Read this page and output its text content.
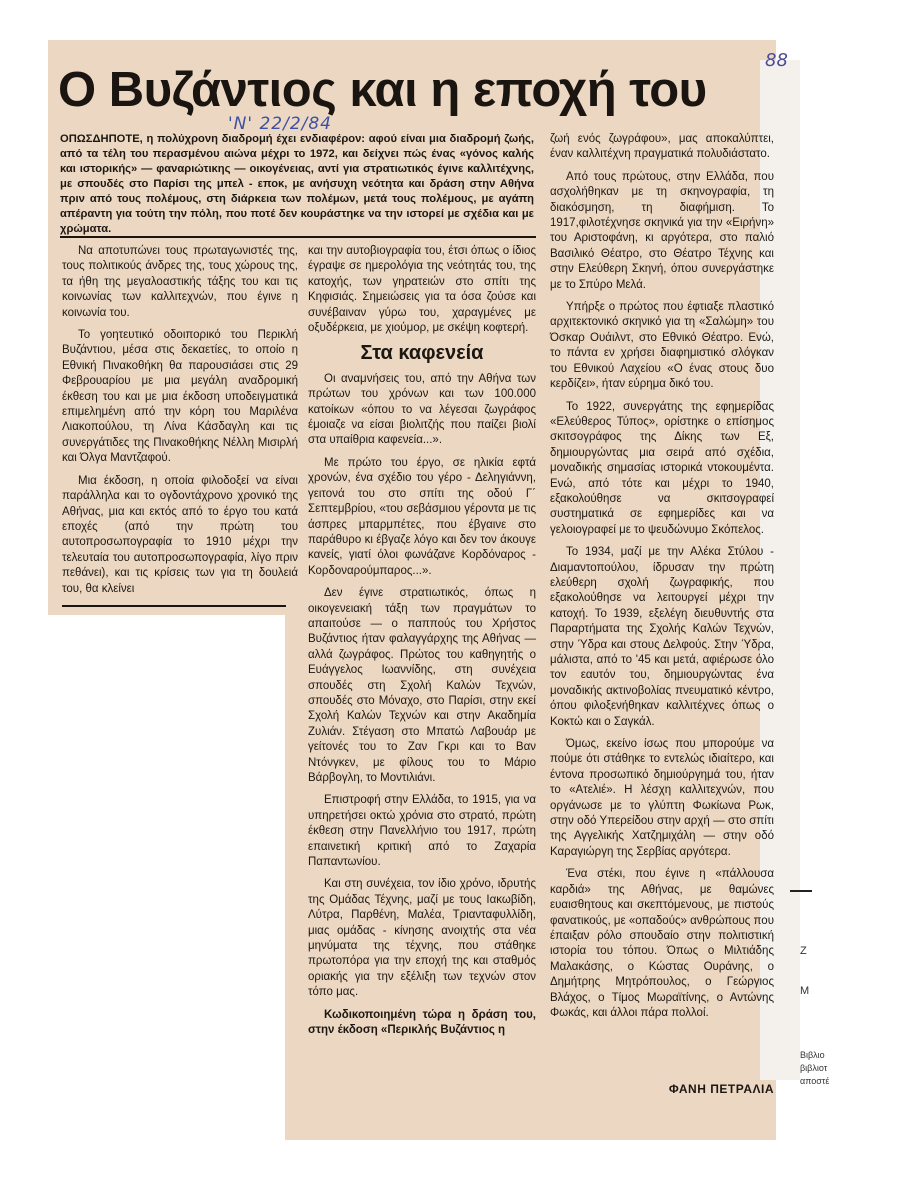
Ζ
Μ
Βιβλιο
βιβλιοτ
αποστέ
Ο Βυζάντιος και η εποχή του
88
'Ν' 22/2/84
ΟΠΩΣΔΗΠΟΤΕ, η πολύχρονη διαδρομή έχει ενδιαφέρον: αφού είναι μια διαδρομή ζωής, από τα τέλη του περασμένου αιώνα μέχρι το 1972, και δείχνει πώς ένας «γόνος καλής και ιστορικής» — φαναριώτικης — οικογένειας, αντί για στρατιωτικός έγινε καλλιτέχνης, με σπουδές στο Παρίσι της μπελ - εποκ, με ανήσυχη νεότητα και δράση στην Αθήνα πριν από τους πολέμους, στη διάρκεια των πολέμων, μετά τους πολέμους, με αγάπη απέραντη για τούτη την πόλη, που ποτέ δεν κουράστηκε να την ιστορεί με σχέδια και με χρώματα.

Να αποτυπώνει τους πρωταγωνιστές της, τους πολιτικούς άνδρες της, τους χώρους της, τα ήθη της μεγαλοαστικής τάξης του και τις κοινωνίας των καλλιτεχνών, που έγινε η κοινωνία του.

Το γοητευτικό οδοιπορικό του Περικλή Βυζάντιου, μέσα στις δεκαετίες, το οποίο η Εθνική Πινακοθήκη θα παρουσιάσει στις 29 Φεβρουαρίου με μια μεγάλη αναδρομική έκθεση του και με μια έκδοση υποδειγματικά επιμελημένη από την κόρη του Μαριλένα Λιακοπούλου, τη Λίνα Κάσδαγλη και τις συνεργάτιδες της Πινακοθήκης Νέλλη Μισιρλή και Όλγα Μαντζαφού.

Μια έκδοση, η οποία φιλοδοξεί να είναι παράλληλα και το ογδοντάχρονο χρονικό της Αθήνας, μια και εκτός από το έργο του κατά εποχές (από την πρώτη του αυτοπροσωπογραφία το 1910 μέχρι την τελευταία του αυτοπροσωπογραφία, λίγο πριν πεθάνει), και τις κρίσεις των για τη δουλειά του, θα κλείνει

και την αυτοβιογραφία του, έτσι όπως ο ίδιος έγραψε σε ημερολόγια της νεότητάς του, της κατοχής, των γηρατειών στο σπίτι της Κηφισιάς. Σημειώσεις για τα όσα ζούσε και συνέβαιναν γύρω του, χαραγμένες με οξυδέρκεια, με χιούμορ, με σκέψη κοφτερή.

Στα καφενεία

Οι αναμνήσεις του, από την Αθήνα των πρώτων του χρόνων και των 100.000 κατοίκων «όπου το να λέγεσαι ζωγράφος έμοιαζε να είσαι βιολιτζής που παίζει βιολί στα υπαίθρια καφενεία...».

Με πρώτο του έργο, σε ηλικία εφτά χρονών, ένα σχέδιο του γέρο - Δεληγιάννη, γειτονά του στο σπίτι της οδού Γ΄ Σεπτεμβρίου, «του σεβάσμιου γέροντα με τις άσπρες μπαρμπέτες, που έβγαινε στο παράθυρο κι έβγαζε λόγο και δεν τον άκουγε κανείς, γιατί όλοι φωνάζανε Κορδόναρος - Κορδοναρούμπαρος...».

Δεν έγινε στρατιωτικός, όπως η οικογενειακή τάξη των πραγμάτων το απαιτούσε — ο παππούς του Χρήστος Βυζάντιος ήταν φαλαγγάρχης της Αθήνας — αλλά ζωγράφος. Πρώτος του καθηγητής ο Ευάγγελος Ιωαννίδης, στη συνέχεια σπουδές στη Σχολή Καλών Τεχνών, σπουδές στο Μόναχο, στο Παρίσι, στην εκεί Σχολή Καλών Τεχνών και στην Ακαδημία Ζυλιάν. Στέγαση στο Μπατώ Λαβουάρ με γείτονές του το Ζαν Γκρι και το Βαν Ντόνγκεν, με φίλους του το Μάριο Βάρβογλη, το Μοντιλιάνι.

Επιστροφή στην Ελλάδα, το 1915, για να υπηρετήσει οκτώ χρόνια στο στρατό, πρώτη έκθεση στην Πανελλήνιο του 1917, πρώτη επαινετική κριτική από το Ζαχαρία Παπαντωνίου.

Και στη συνέχεια, τον ίδιο χρόνο, ιδρυτής της Ομάδας Τέχνης, μαζί με τους Ιακωβίδη, Λύτρα, Παρθένη, Μαλέα, Τριανταφυλλίδη, μιας ομάδας - κίνησης ανοιχτής στα νέα μηνύματα της τέχνης, που στάθηκε πρωτοπόρα για την εποχή της και σταθμός οριακής για την εξέλιξη των τεχνών στον τόπο μας.

Κωδικοποιημένη τώρα η δράση του, στην έκδοση «Περικλής Βυζάντιος η

ζωή ενός ζωγράφου», μας αποκαλύπτει, έναν καλλιτέχνη πραγματικά πολυδιάστατο.

Από τους πρώτους, στην Ελλάδα, που ασχολήθηκαν με τη σκηνογραφία, τη διακόσμηση, τη διαφήμιση. Το 1917,φιλοτέχνησε σκηνικά για την «Ειρήνη» του Αριστοφάνη, κι αργότερα, στο παλιό Βασιλικό Θέατρο, στο Θέατρο Τέχνης και στην Ελεύθερη Σκηνή, όπου συνεργάστηκε με το Σπύρο Μελά.

Υπήρξε ο πρώτος που έφτιαξε πλαστικό αρχιτεκτονικό σκηνικό για τη «Σαλώμη» του Όσκαρ Ουάιλντ, στο Εθνικό Θέατρο. Ενώ, το πάντα εν χρήσει διαφημιστικό σλόγκαν του Εθνικού Λαχείου «Ο ένας στους δυο κερδίζει», ήταν εύρημα δικό του.

Το 1922, συνεργάτης της εφημερίδας «Ελεύθερος Τύπος», ορίστηκε ο επίσημος σκιτσογράφος της Δίκης των Εξ, δημιουργώντας μια σειρά από σχέδια, μοναδικής σημασίας ιστορικά ντοκουμέντα. Ενώ, από τότε και μέχρι το 1940, εξακολούθησε να σκιτσογραφεί συστηματικά σε εφημερίδες και να γελοιογραφεί με το ψευδώνυμο Σκόπελος.

Το 1934, μαζί με την Αλέκα Στύλου - Διαμαντοπούλου, ίδρυσαν την πρώτη ελεύθερη σχολή ζωγραφικής, που εξακολούθησε να λειτουργεί μέχρι την κατοχή. Το 1939, εξελέγη διευθυντής στα Παραρτήματα της Σχολής Καλών Τεχνών, στην Ύδρα και στους Δελφούς. Στην Ύδρα, μάλιστα, από το '45 και μετά, αφιέρωσε όλο τον εαυτόν του, δημιουργώντας ένα μοναδικής ακτινοβολίας πνευματικό κέντρο, όπου φιλοξενήθηκαν καλλιτέχνες όπως ο Κοκτώ και ο Σαγκάλ.

Όμως, εκείνο ίσως που μπορούμε να πούμε ότι στάθηκε το εντελώς ιδιαίτερο, και έντονα προσωπικό δημιούργημά του, ήταν το «Ατελιέ». Η λέσχη καλλιτεχνών, που οργάνωσε με το γλύπτη Φωκίωνα Ρωκ, στην οδό Υπερείδου στην αρχή — στο σπίτι της Αγγελικής Χατζημιχάλη — στην οδό Καραγιώργη της Σερβίας αργότερα.

Ένα στέκι, που έγινε η «πάλλουσα καρδιά» της Αθήνας, με θαμώνες ευαισθητους και σκεπτόμενους, με πιστούς φανατικούς, με «οπαδούς» ανθρώπους που έπαιξαν ρόλο σπουδαίο στην πολιτιστική ιστορία του τόπου. Όπως ο Μιλτιάδης Μαλακάσης, ο Κώστας Ουράνης, ο Δημήτρης Μητρόπουλος, ο Γεώργιος Βλάχος, ο Τίμος Μωραϊτίνης, ο Αντώνης Φωκάς, και άλλοι πάρα πολλοί.

ΦΑΝΗ ΠΕΤΡΑΛΙΑ
